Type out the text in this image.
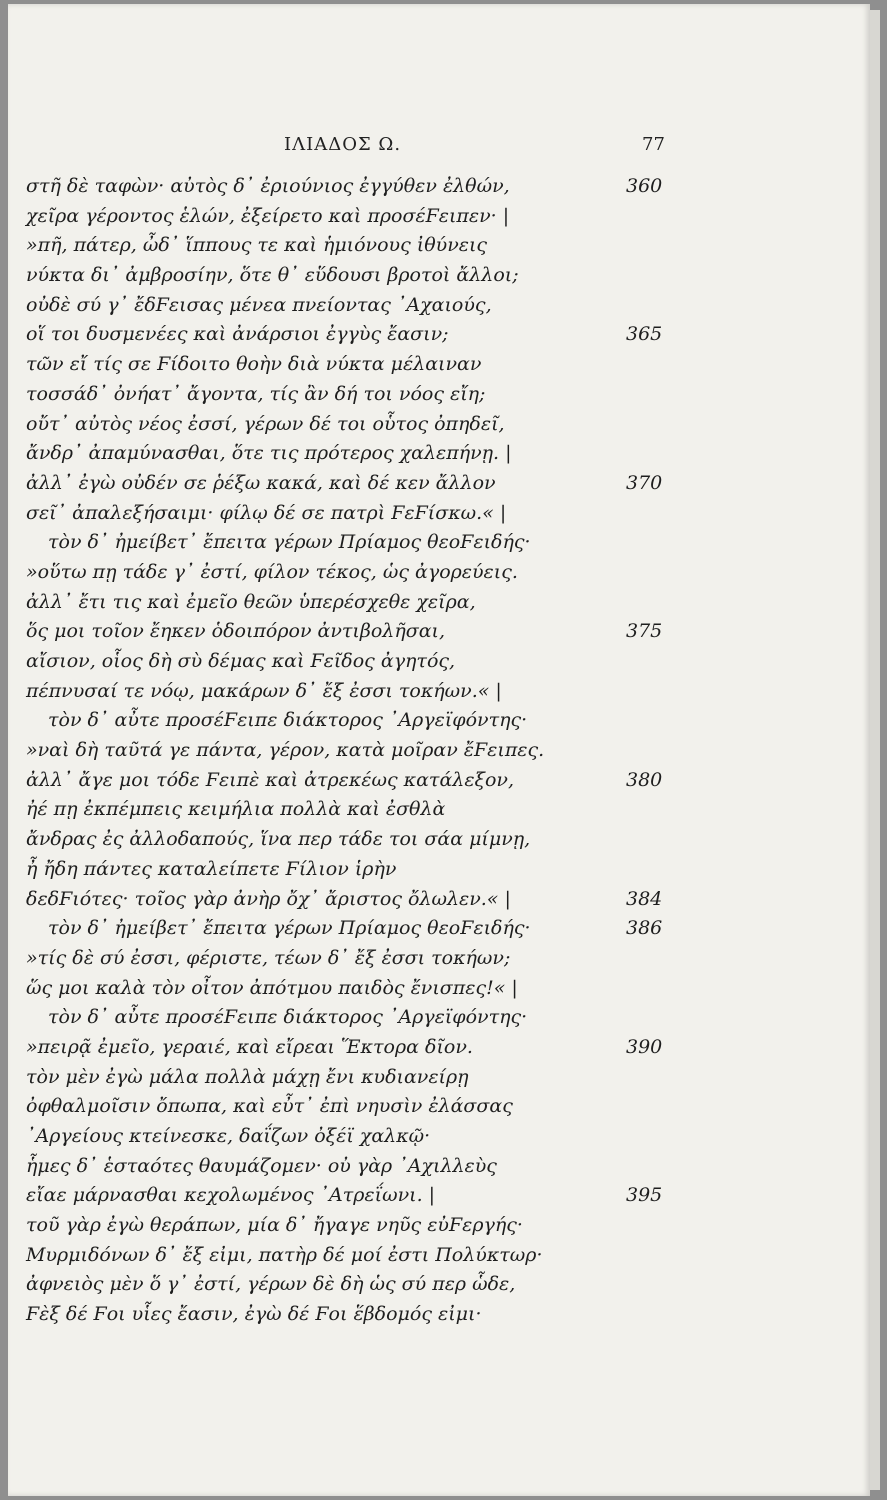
ΙΛΙΑΔΟΣ Ω.	77
στῆ δὲ ταφὼν· αὐτὸς δ᾽ ἐριούνιος ἐγγύθεν ἐλθών,	360
χεῖρα γέροντος ἑλών, ἐξείρετο καὶ προσέϜειπεν· |
»πῆ, πάτερ, ὦδ᾽ ἵππους τε καὶ ἡμιόνους ἰθύνεις
νύκτα δι᾽ ἀμβροσίην, ὅτε θ᾽ εὕδουσι βροτοὶ ἄλλοι;
οὐδὲ σύ γ᾽ ἔδϜεισας μένεα πνείοντας ᾽Αχαιούς,
οἵ τοι δυσμενέες καὶ ἀνάρσιοι ἐγγὺς ἔασιν;	365
τῶν εἴ τίς σε Ϝίδοιτο θοὴν διὰ νύκτα μέλαιναν
τοσσάδ᾽ ὀνήατ᾽ ἄγοντα, τίς ἂν δή τοι νόος εἴη;
οὔτ᾽ αὐτὸς νέος ἐσσί, γέρων δέ τοι οὗτος ὀπηδεῖ,
ἄνδρ᾽ ἀπαμύνασθαι, ὅτε τις πρότερος χαλεπήνῃ. |
ἀλλ᾽ ἐγὼ οὐδέν σε ῥέξω κακά, καὶ δέ κεν ἄλλον	370
σεῖ᾽ ἀπαλεξήσαιμι· φίλῳ δέ σε πατρὶ ϜεϜίσκω.« |
τὸν δ᾽ ἠμείβετ᾽ ἔπειτα γέρων Πρίαμος θεοϜειδής·
»οὕτω πῃ τάδε γ᾽ ἐστί, φίλον τέκος, ὡς ἀγορεύεις.
ἀλλ᾽ ἔτι τις καὶ ἐμεῖο θεῶν ὑπερέσχεθε χεῖρα,
ὅς μοι τοῖον ἔηκεν ὁδοιπόρον ἀντιβολῆσαι,	375
αἴσιον, οἷος δὴ σὺ δέμας καὶ Ϝεῖδος ἀγητός,
πέπνυσαί τε νόῳ, μακάρων δ᾽ ἔξ ἐσσι τοκήων.« |
τὸν δ᾽ αὖτε προσέϜειπε διάκτορος ᾽Αργεϊφόντης·
»ναὶ δὴ ταῦτά γε πάντα, γέρον, κατὰ μοῖραν ἔϜειπες.
ἀλλ᾽ ἄγε μοι τόδε Ϝειπὲ καὶ ἀτρεκέως κατάλεξον,	380
ἠέ πῃ ἐκπέμπεις κειμήλια πολλὰ καὶ ἐσθλὰ
ἄνδρας ἐς ἀλλοδαπούς, ἵνα περ τάδε τοι σάα μίμνῃ,
ἦ ἤδη πάντες καταλείπετε Ϝίλιον ἱρὴν
δεδϜιότες· τοῖος γὰρ ἀνὴρ ὄχ᾽ ἄριστος ὄλωλεν.« |	384
τὸν δ᾽ ἠμείβετ᾽ ἔπειτα γέρων Πρίαμος θεοϜειδής·	386
»τίς δὲ σύ ἐσσι, φέριστε, τέων δ᾽ ἔξ ἐσσι τοκήων;
ὥς μοι καλὰ τὸν οἶτον ἀπότμου παιδὸς ἔνισπες!« |
τὸν δ᾽ αὖτε προσέϜειπε διάκτορος ᾽Αργεϊφόντης·
»πειρᾷ ἐμεῖο, γεραιέ, καὶ εἴρεαι Ἕκτορα δῖον.	390
τὸν μὲν ἐγὼ μάλα πολλὰ μάχῃ ἔνι κυδιανείρῃ
ὀφθαλμοῖσιν ὄπωπα, καὶ εὖτ᾽ ἐπὶ νηυσὶν ἐλάσσας
᾽Αργείους κτείνεσκε, δαΐζων ὀξέϊ χαλκῷ·
ἧμες δ᾽ ἑσταότες θαυμάζομεν· οὐ γὰρ ᾽Αχιλλεὺς
εἴαε μάρνασθαι κεχολωμένος ᾽Ατρεΐωνι. |	395
τοῦ γὰρ ἐγὼ θεράπων, μία δ᾽ ἤγαγε νηῦς εὐϜεργής·
Μυρμιδόνων δ᾽ ἔξ εἰμι, πατὴρ δέ μοί ἐστι Πολύκτωρ·
ἀφνειὸς μὲν ὅ γ᾽ ἐστί, γέρων δὲ δὴ ὡς σύ περ ὧδε,
Ϝὲξ δέ Ϝοι υἷες ἔασιν, ἐγὼ δέ Ϝοι ἕβδομός εἰμι·
